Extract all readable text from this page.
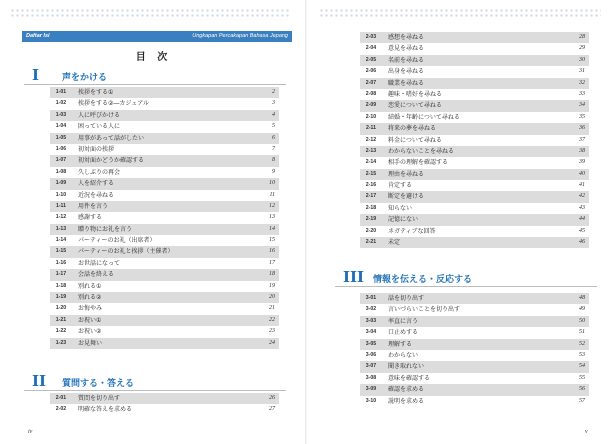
Daftar Isi	Ungkapan Percakapan Bahasa Jepang
目 次
I	声をかける
1-01	挨拶をする①	2
1-02	挨拶をする②―カジュアル	3
1-03	人に呼びかける	4
1-04	困っている人に	5
1-05	用事があって話がしたい	6
1-06	初対面の挨拶	7
1-07	初対面かどうか確認する	8
1-08	久しぶりの再会	9
1-09	人を紹介する	10
1-10	近況を尋ねる	11
1-11	用件を言う	12
1-12	感謝する	13
1-13	贈り物にお礼を言う	14
1-14	パーティーのお礼（出席者）	15
1-15	パーティーのお礼と挨拶（主催者）	16
1-16	お世話になって	17
1-17	会話を終える	18
1-18	別れる①	19
1-19	別れる②	20
1-20	お悔やみ	21
1-21	お祝い①	22
1-22	お祝い②	23
1-23	お見舞い	24
II 質問する・答える
2-01	質問を切り出す	26
2-02	明確な答えを求める	27
iv
2-03	感想を尋ねる	28
2-04	意見を尋ねる	29
2-05	名前を尋ねる	30
2-06	出身を尋ねる	31
2-07	職業を尋ねる	32
2-08	趣味・嗜好を尋ねる	33
2-09	恋愛について尋ねる	34
2-10	結婚・年齢について尋ねる	35
2-11	将来の夢を尋ねる	36
2-12	料金について尋ねる	37
2-13	わからないことを尋ねる	38
2-14	相手の理解を確認する	39
2-15	理由を尋ねる	40
2-16	肯定する	41
2-17	断定を避ける	42
2-18	知らない	43
2-19	記憶にない	44
2-20	ネガティブな回答	45
2-21	未定	46
III 情報を伝える・反応する
3-01	話を切り出す	48
3-02	言いづらいことを切り出す	49
3-03	率直に言う	50
3-04	口止めする	51
3-05	理解する	52
3-06	わからない	53
3-07	聞き取れない	54
3-08	意味を確認する	55
3-09	確認を求める	56
3-10	説明を求める	57
v
